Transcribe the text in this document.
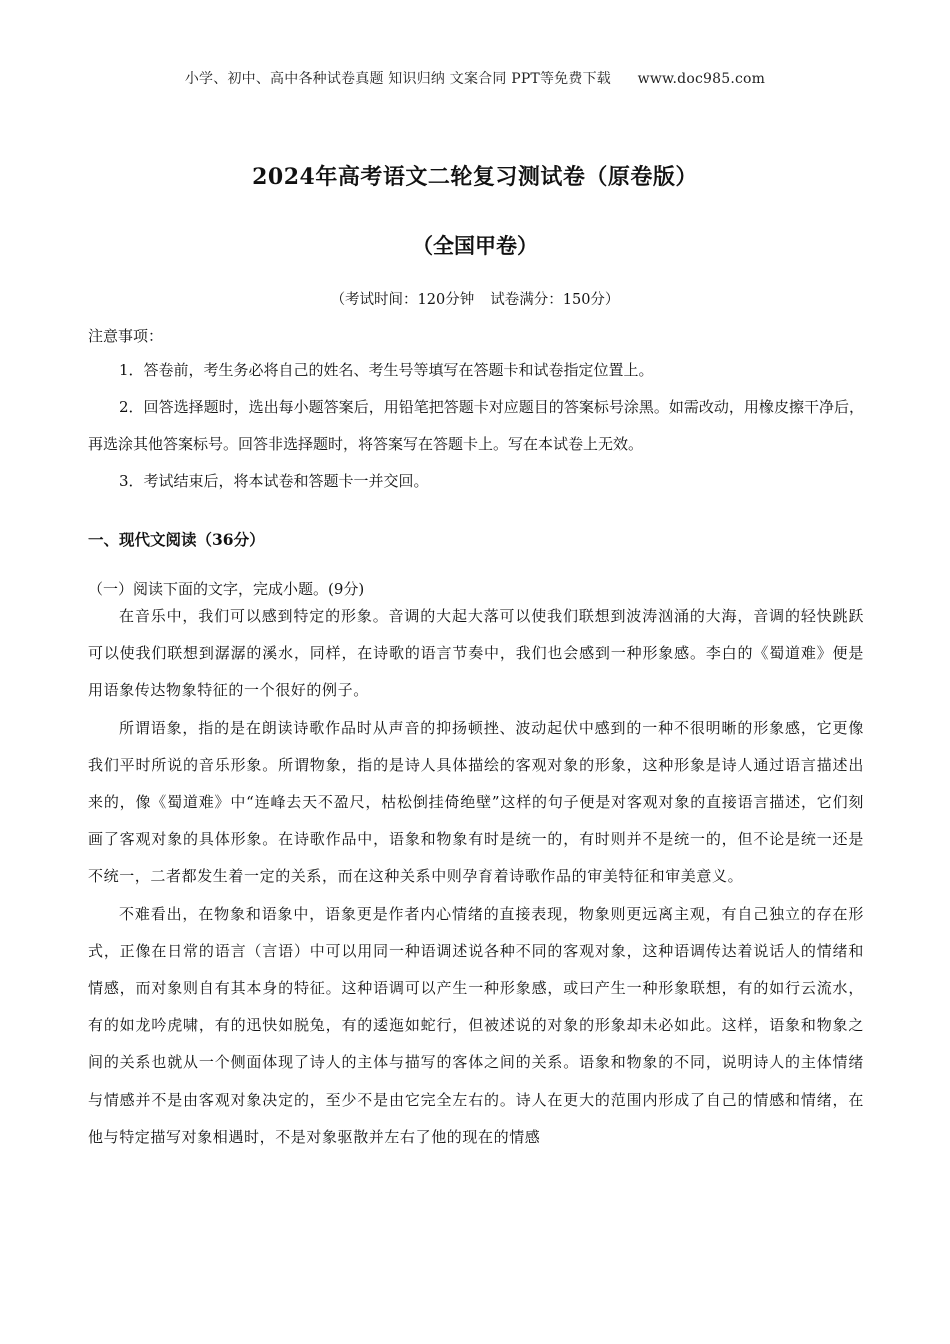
小学、初中、高中各种试卷真题 知识归纳 文案合同 PPT等免费下载 www.doc985.com
2024年高考语文二轮复习测试卷（原卷版）
（全国甲卷）
（考试时间：120分钟 试卷满分：150分）
注意事项：

1．答卷前，考生务必将自己的姓名、考生号等填写在答题卡和试卷指定位置上。

2．回答选择题时，选出每小题答案后，用铅笔把答题卡对应题目的答案标号涂黑。如需改动，用橡皮擦干净后，再选涂其他答案标号。回答非选择题时，将答案写在答题卡上。写在本试卷上无效。

3．考试结束后，将本试卷和答题卡一并交回。

一、现代文阅读（36分）
（一）阅读下面的文字，完成小题。(9分)

在音乐中，我们可以感到特定的形象。音调的大起大落可以使我们联想到波涛汹涌的大海，音调的轻快跳跃可以使我们联想到潺潺的溪水，同样，在诗歌的语言节奏中，我们也会感到一种形象感。李白的《蜀道难》便是用语象传达物象特征的一个很好的例子。

所谓语象，指的是在朗读诗歌作品时从声音的抑扬顿挫、波动起伏中感到的一种不很明晰的形象感，它更像我们平时所说的音乐形象。所谓物象，指的是诗人具体描绘的客观对象的形象，这种形象是诗人通过语言描述出来的，像《蜀道难》中“连峰去天不盈尺，枯松倒挂倚绝壁”这样的句子便是对客观对象的直接语言描述，它们刻画了客观对象的具体形象。在诗歌作品中，语象和物象有时是统一的，有时则并不是统一的，但不论是统一还是不统一，二者都发生着一定的关系，而在这种关系中则孕育着诗歌作品的审美特征和审美意义。

不难看出，在物象和语象中，语象更是作者内心情绪的直接表现，物象则更远离主观，有自己独立的存在形式，正像在日常的语言（言语）中可以用同一种语调述说各种不同的客观对象，这种语调传达着说话人的情绪和情感，而对象则自有其本身的特征。这种语调可以产生一种形象感，或曰产生一种形象联想，有的如行云流水，有的如龙吟虎啸，有的迅快如脱兔，有的逶迤如蛇行，但被述说的对象的形象却未必如此。这样，语象和物象之间的关系也就从一个侧面体现了诗人的主体与描写的客体之间的关系。语象和物象的不同，说明诗人的主体情绪与情感并不是由客观对象决定的，至少不是由它完全左右的。诗人在更大的范围内形成了自己的情感和情绪，在他与特定描写对象相遇时，不是对象驱散并左右了他的现在的情感
